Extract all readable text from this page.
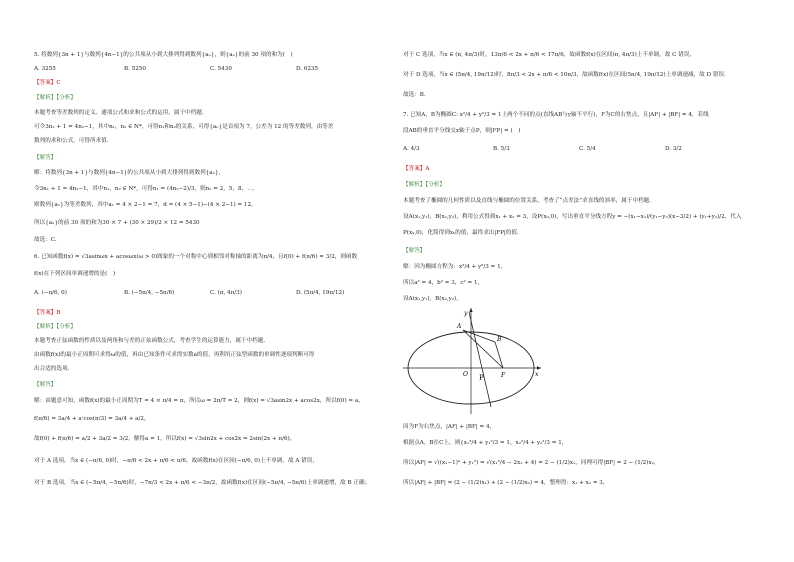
5. 将数列{3n + 1}与数列{4n−1}的公共项从小到大排列得到数列{aₙ}，则{aₙ}的前 30 项的和为(　)
A. 3255	B. 5250	C. 5430	D. 6235
【答案】C
【解析】【分析】
本题考查等差数列的定义、通项公式和求和公式的运用，属于中档题.
可令3n₁ + 1 = 4n₂−1，其中n₁，n₂ ∈ N*，可得n₁和n₂的关系，可得{aₙ}是首项为 7，公差为 12 的等差数列，由等差
数列的求和公式，可得所求值.
【解答】
解：将数列{3n + 1}与数列{4n−1}的公共项从小到大排列得到数列{aₙ}，
令3n₁ + 1 = 4n₂−1，其中n₁，n₂ ∈ N*，可得n₁ = (4n₂−2)/3，则n₂ = 2，5，8，⋯，
则数列{aₙ}为等差数列，其中a₁ = 4 × 2−1 = 7，d = (4 × 5−1)−(4 × 2−1) = 12，
所以{aₙ}的前 30 项的和为30 × 7 + (30 × 29)/2 × 12 = 5430
故选：C.
6. 已知函数f(x) = √3asinωx + acosωx(ω > 0)图象的一个对称中心到相邻对称轴的距离为π/4，且f(0) + f(π/6) = 3/2，则函数
f(x)在下列区间单调递增的是(　)
A. (−π/6, 0)	B. (−5π/4, −5π/6)	C. (π, 4π/3)	D. (5π/4, 19π/12)
【答案】B
【解析】【分析】
本题考查正弦函数的性质以及两角和与差的正弦函数公式，考查学生的运算能力，属于中档题.
由函数f(x)的最小正周期可求得ω的值，再由已知条件可求得实数a的值，再利用正弦型函数的单调性逐项判断可得
出合适的选项.
【解答】
解：由题意可知，函数f(x)的最小正周期为T = 4 × π/4 = π，所以ω = 2π/T = 2，则f(x) = √3asin2x + acos2x，所以f(0) = a，
f(π/6) = 3a/4 + a·cos(π/3) = 3a/4 + a/2，
故f(0) + f(π/6) = a/2 + 3a/2 = 3/2，解得a = 1，所以f(x) = √3sin2x + cos2x = 2sin(2x + π/6)，
对于 A 选项，当x ∈ (−π/6, 0)时，−π/6 < 2x + π/6 < π/6，故函数f(x)在区间(−π/6, 0)上不单调，故 A 错误，
对于 B 选项，当x ∈ (−5π/4, −5π/6)时，−7π/3 < 2x + π/6 < −3π/2，故函数f(x)在区间(−5π/4, −5π/6)上单调递增，故 B 正确；
对于 C 选项，当x ∈ (π, 4π/3)时，13π/6 < 2x + π/6 < 17π/6，故函数f(x)在区间(π, 4π/3)上不单调，故 C 错误，
对于 D 选项，当x ∈ (5π/4, 19π/12)时，8π/3 < 2x + π/6 < 10π/3，故函数f(x)在区间(5π/4, 19π/12)上单调递减，故 D 错误.
故选：B.
7. 已知A，B为椭圆C: x²/4 + y²/3 = 1上两个不同的点(直线AB与y轴不平行)，F为C的右焦点，且|AF| + |BF| = 4，若线
段AB的垂直平分线交x轴于点P，则|FP| = (　)
A. 4/3	B. 5/3	C. 5/4	D. 3/2
【答案】A
【解析】【分析】
本题考查了椭圆的几何性质以及直线与椭圆的位置关系，考查了“点差法”求直线的斜率，属于中档题.
设A(x₁,y₁)，B(x₂,y₂)，利用公式得到x₁ + x₂ = 3，设P(x₀,0)，写出垂直平分线方程y = −(x₁−x₂)/(y₁−y₂)(x−3/2) + (y₁+y₂)/2，代入
P(x₀,0)，化简得到x₀的值，最终求出|FP|的值.
【解答】
解：因为椭圆方程为：x²/4 + y²/3 = 1，
所以a² = 4，b² = 3，c² = 1，
设A(x₁,y₁)，B(x₂,y₂)，
y
x
A
B
O P	F
因为F为右焦点，|AF| + |BF| = 4，
根据点A，B在C上，则{x₁²/4 + y₁²/3 = 1，x₂²/4 + y₂²/3 = 1，
所以|AF| = √((x₁−1)² + y₁²) = √(x₁²/4 − 2x₁ + 4) = 2 − (1/2)x₁，同理可得|BF| = 2 − (1/2)x₂，
所以|AF| + |BF| = (2 − (1/2)x₁) + (2 − (1/2)x₂) = 4，整理得：x₁ + x₂ = 3，
